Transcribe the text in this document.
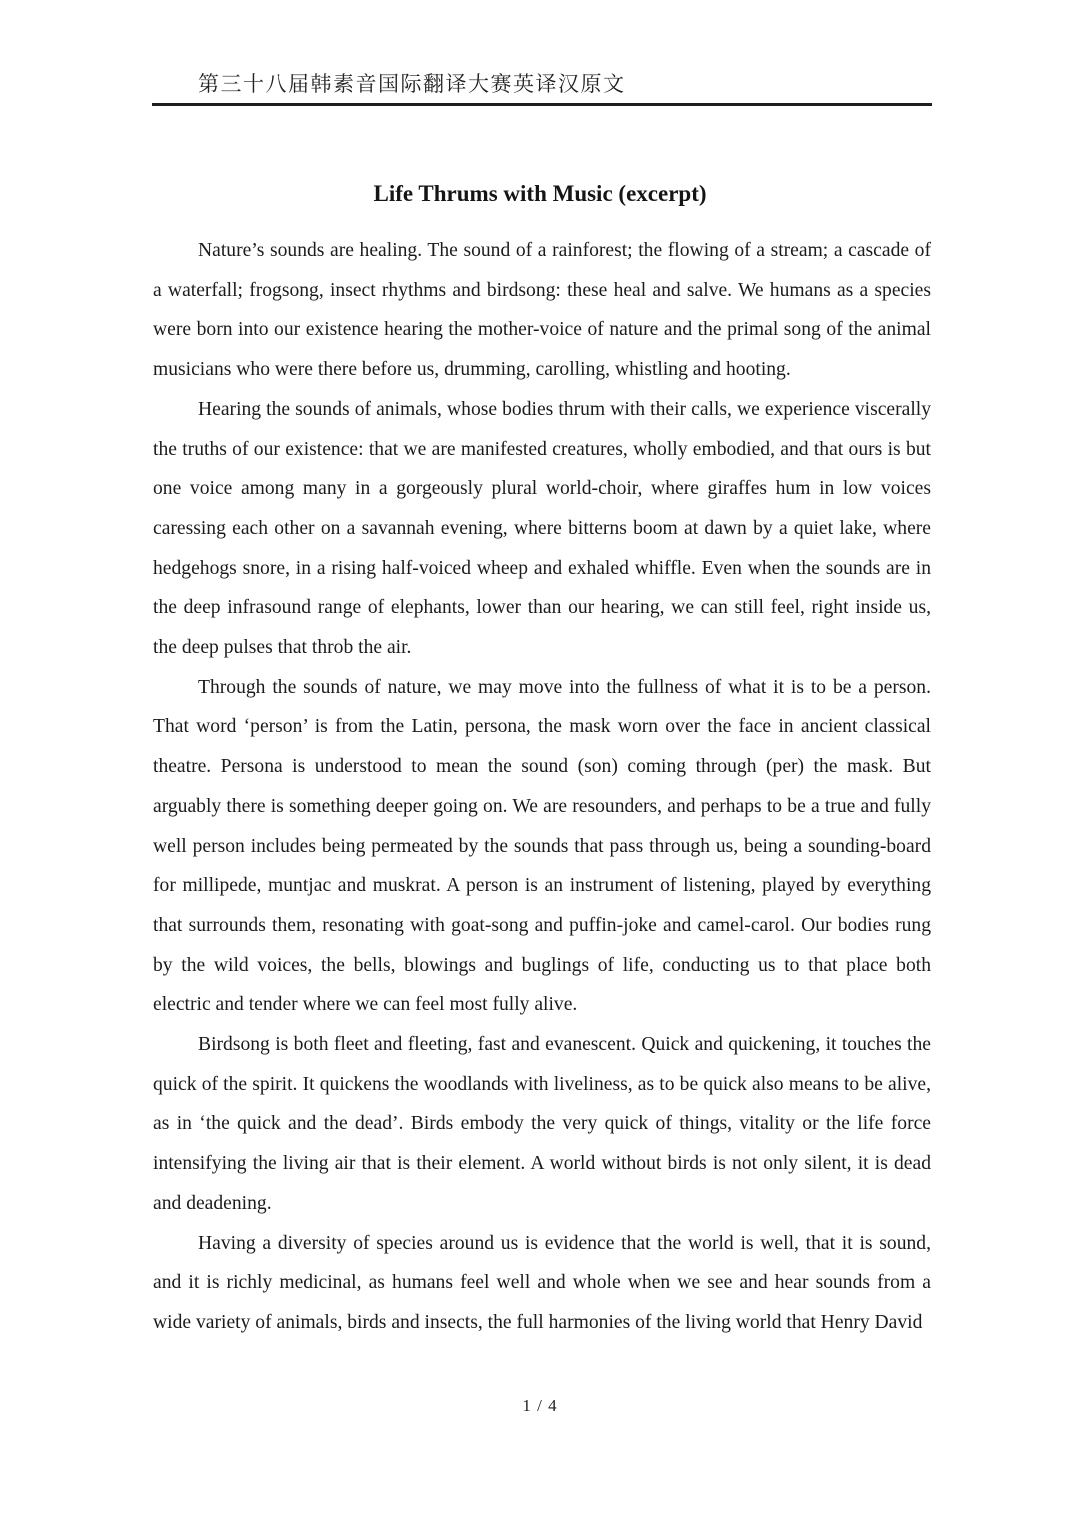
第三十八届韩素音国际翻译大赛英译汉原文
Life Thrums with Music (excerpt)

Nature’s sounds are healing. The sound of a rainforest; the flowing of a stream; a cascade of a waterfall; frogsong, insect rhythms and birdsong: these heal and salve. We humans as a species were born into our existence hearing the mother-voice of nature and the primal song of the animal musicians who were there before us, drumming, carolling, whistling and hooting.

Hearing the sounds of animals, whose bodies thrum with their calls, we experience viscerally the truths of our existence: that we are manifested creatures, wholly embodied, and that ours is but one voice among many in a gorgeously plural world-choir, where giraffes hum in low voices caressing each other on a savannah evening, where bitterns boom at dawn by a quiet lake, where hedgehogs snore, in a rising half-voiced wheep and exhaled whiffle. Even when the sounds are in the deep infrasound range of elephants, lower than our hearing, we can still feel, right inside us, the deep pulses that throb the air.

Through the sounds of nature, we may move into the fullness of what it is to be a person. That word ‘person’ is from the Latin, persona, the mask worn over the face in ancient classical theatre. Persona is understood to mean the sound (son) coming through (per) the mask. But arguably there is something deeper going on. We are resounders, and perhaps to be a true and fully well person includes being permeated by the sounds that pass through us, being a sounding-board for millipede, muntjac and muskrat. A person is an instrument of listening, played by everything that surrounds them, resonating with goat-song and puffin-joke and camel-carol. Our bodies rung by the wild voices, the bells, blowings and buglings of life, conducting us to that place both electric and tender where we can feel most fully alive.

Birdsong is both fleet and fleeting, fast and evanescent. Quick and quickening, it touches the quick of the spirit. It quickens the woodlands with liveliness, as to be quick also means to be alive, as in ‘the quick and the dead’. Birds embody the very quick of things, vitality or the life force intensifying the living air that is their element. A world without birds is not only silent, it is dead and deadening.

Having a diversity of species around us is evidence that the world is well, that it is sound, and it is richly medicinal, as humans feel well and whole when we see and hear sounds from a wide variety of animals, birds and insects, the full harmonies of the living world that Henry David

1 / 4
